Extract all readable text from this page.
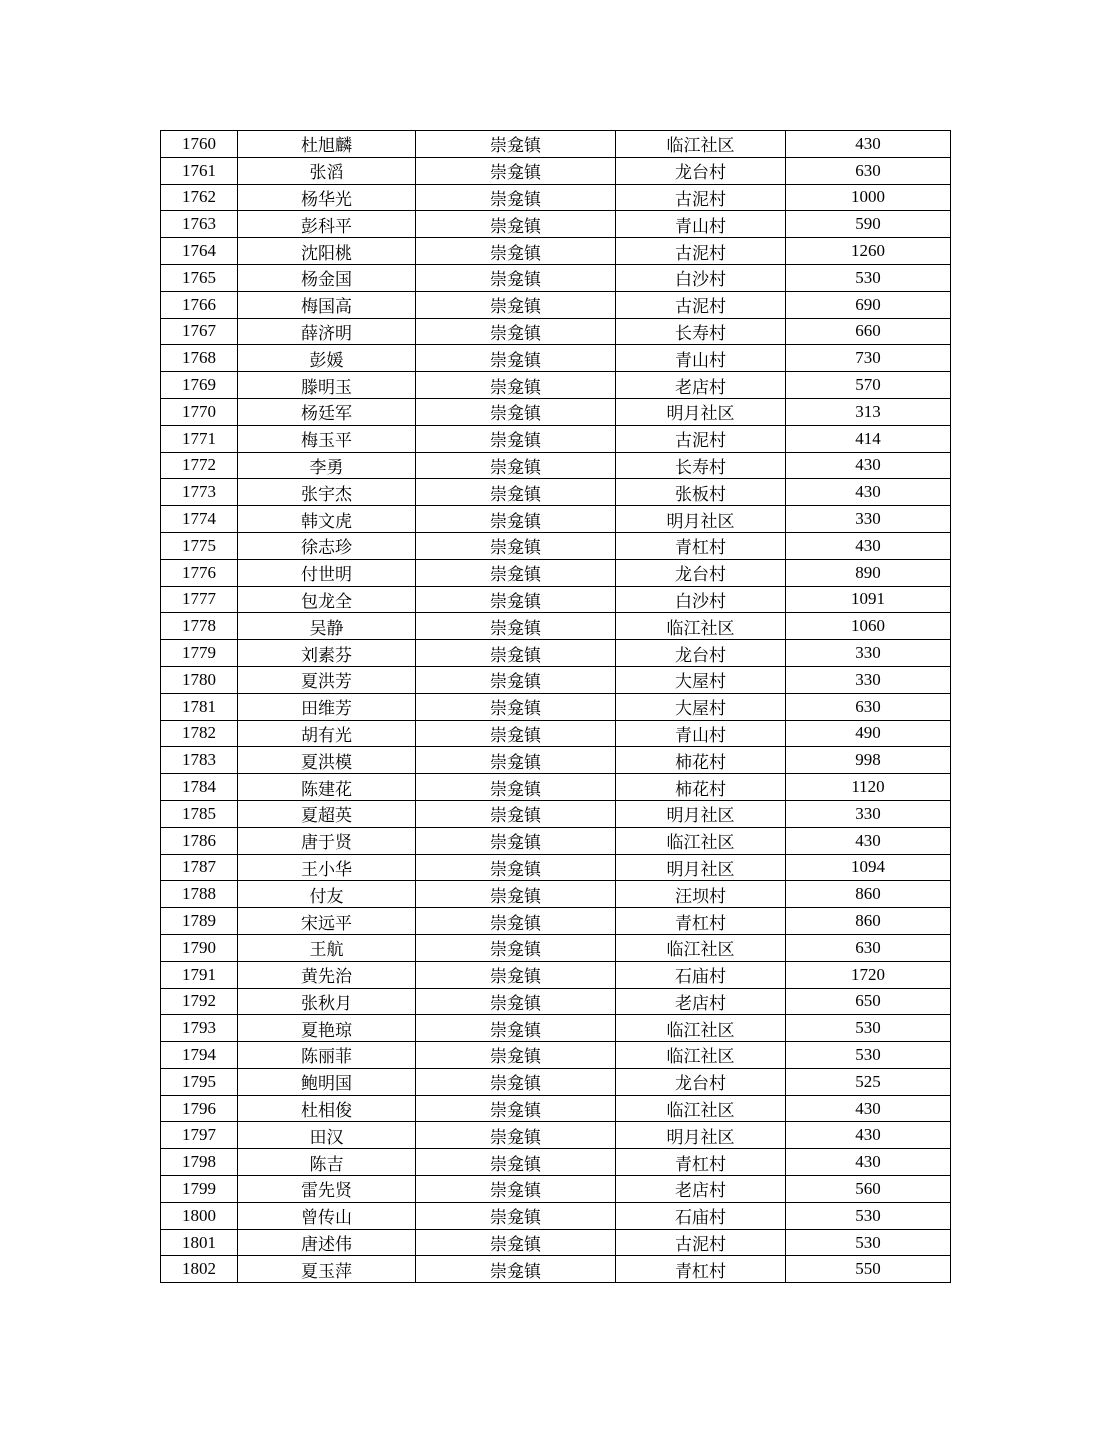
1760	杜旭麟	崇龛镇	临江社区	430
1761	张滔	崇龛镇	龙台村	630
1762	杨华光	崇龛镇	古泥村	1000
1763	彭科平	崇龛镇	青山村	590
1764	沈阳桃	崇龛镇	古泥村	1260
1765	杨金国	崇龛镇	白沙村	530
1766	梅国高	崇龛镇	古泥村	690
1767	薛济明	崇龛镇	长寿村	660
1768	彭媛	崇龛镇	青山村	730
1769	滕明玉	崇龛镇	老店村	570
1770	杨廷军	崇龛镇	明月社区	313
1771	梅玉平	崇龛镇	古泥村	414
1772	李勇	崇龛镇	长寿村	430
1773	张宇杰	崇龛镇	张板村	430
1774	韩文虎	崇龛镇	明月社区	330
1775	徐志珍	崇龛镇	青杠村	430
1776	付世明	崇龛镇	龙台村	890
1777	包龙全	崇龛镇	白沙村	1091
1778	吴静	崇龛镇	临江社区	1060
1779	刘素芬	崇龛镇	龙台村	330
1780	夏洪芳	崇龛镇	大屋村	330
1781	田维芳	崇龛镇	大屋村	630
1782	胡有光	崇龛镇	青山村	490
1783	夏洪模	崇龛镇	柿花村	998
1784	陈建花	崇龛镇	柿花村	1120
1785	夏超英	崇龛镇	明月社区	330
1786	唐于贤	崇龛镇	临江社区	430
1787	王小华	崇龛镇	明月社区	1094
1788	付友	崇龛镇	汪坝村	860
1789	宋远平	崇龛镇	青杠村	860
1790	王航	崇龛镇	临江社区	630
1791	黄先治	崇龛镇	石庙村	1720
1792	张秋月	崇龛镇	老店村	650
1793	夏艳琼	崇龛镇	临江社区	530
1794	陈丽菲	崇龛镇	临江社区	530
1795	鲍明国	崇龛镇	龙台村	525
1796	杜相俊	崇龛镇	临江社区	430
1797	田汉	崇龛镇	明月社区	430
1798	陈吉	崇龛镇	青杠村	430
1799	雷先贤	崇龛镇	老店村	560
1800	曾传山	崇龛镇	石庙村	530
1801	唐述伟	崇龛镇	古泥村	530
1802	夏玉萍	崇龛镇	青杠村	550
